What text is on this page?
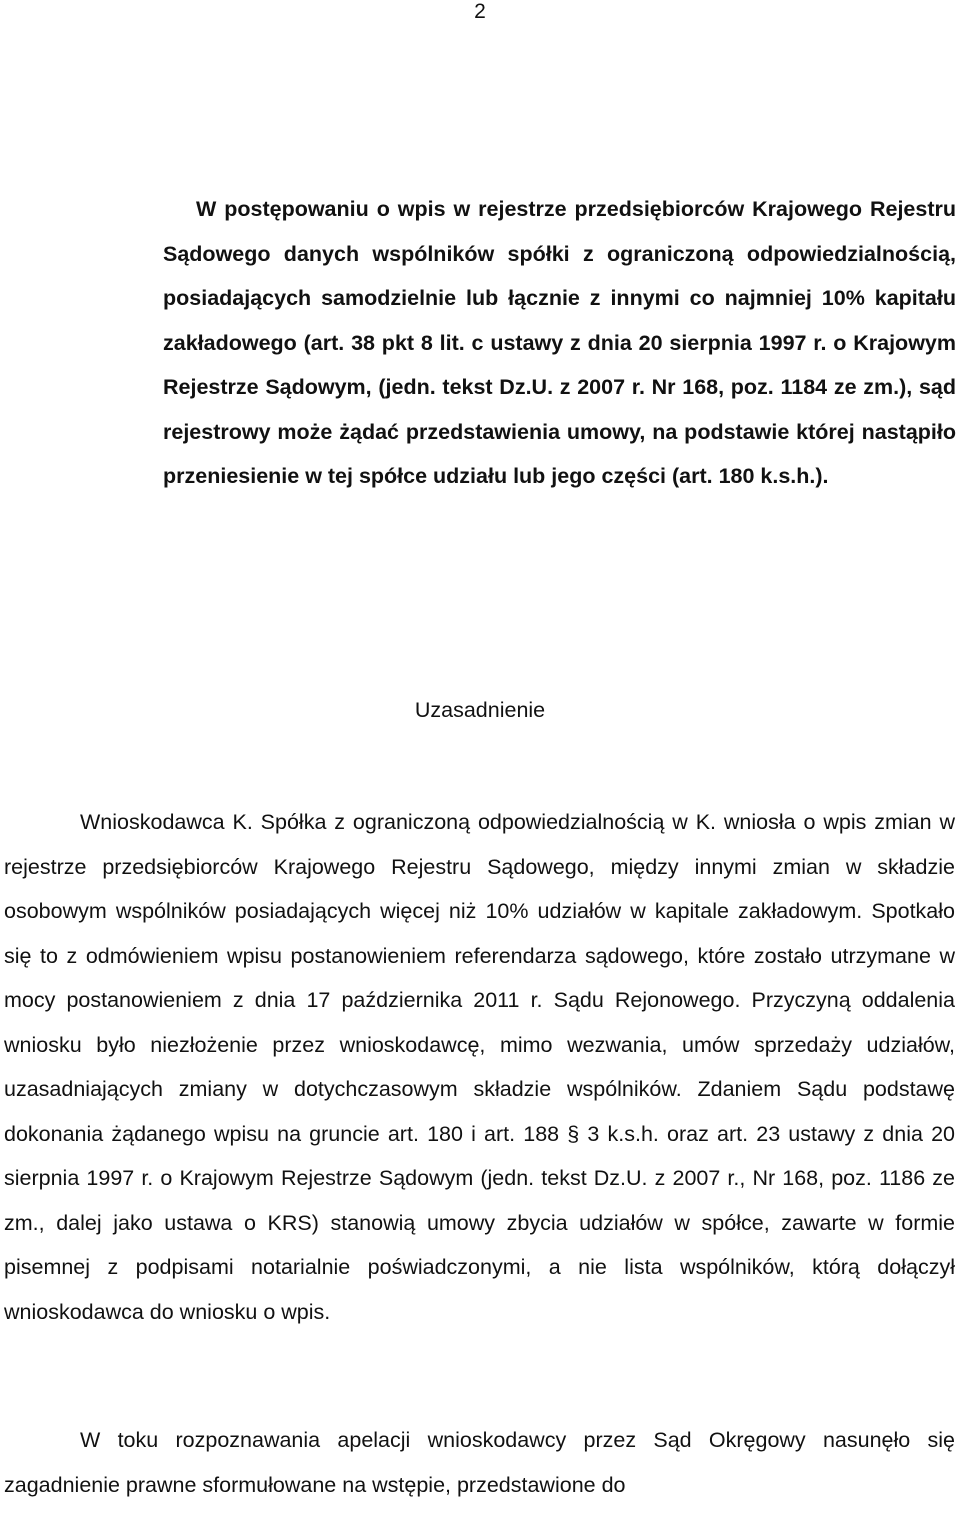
2

W postępowaniu o wpis w rejestrze przedsiębiorców Krajowego Rejestru Sądowego danych wspólników spółki z ograniczoną odpowiedzialnością, posiadających samodzielnie lub łącznie z innymi co najmniej 10% kapitału zakładowego (art. 38 pkt 8 lit. c ustawy z dnia 20 sierpnia 1997 r. o Krajowym Rejestrze Sądowym, (jedn. tekst Dz.U. z 2007 r. Nr 168, poz. 1184 ze zm.), sąd rejestrowy może żądać przedstawienia umowy, na podstawie której nastąpiło przeniesienie w tej spółce udziału lub jego części (art. 180 k.s.h.).

Uzasadnienie

Wnioskodawca K. Spółka z ograniczoną odpowiedzialnością w K. wniosła o wpis zmian w rejestrze przedsiębiorców Krajowego Rejestru Sądowego, między innymi zmian w składzie osobowym wspólników posiadających więcej niż 10% udziałów w kapitale zakładowym. Spotkało się to z odmówieniem wpisu postanowieniem referendarza sądowego, które zostało utrzymane w mocy postanowieniem z dnia 17 października 2011 r. Sądu Rejonowego. Przyczyną oddalenia wniosku było niezłożenie przez wnioskodawcę, mimo wezwania, umów sprzedaży udziałów, uzasadniających zmiany w dotychczasowym składzie wspólników. Zdaniem Sądu podstawę dokonania żądanego wpisu na gruncie art. 180 i art. 188 § 3 k.s.h. oraz art. 23 ustawy z dnia 20 sierpnia 1997 r. o Krajowym Rejestrze Sądowym (jedn. tekst Dz.U. z 2007 r., Nr 168, poz. 1186 ze zm., dalej jako ustawa o KRS) stanowią umowy zbycia udziałów w spółce, zawarte w formie pisemnej z podpisami notarialnie poświadczonymi, a nie lista wspólników, którą dołączył wnioskodawca do wniosku o wpis.

W toku rozpoznawania apelacji wnioskodawcy przez Sąd Okręgowy nasunęło się zagadnienie prawne sformułowane na wstępie, przedstawione do
